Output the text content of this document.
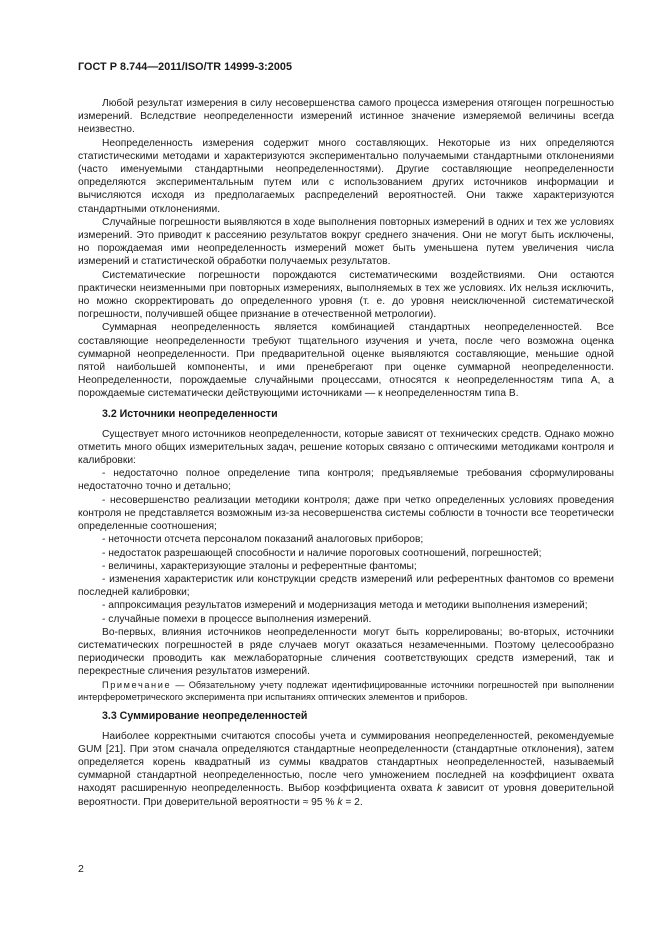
ГОСТ Р 8.744—2011/ISO/TR 14999-3:2005

Любой результат измерения в силу несовершенства самого процесса измерения отягощен погрешностью измерений. Вследствие неопределенности измерений истинное значение измеряемой величины всегда неизвестно.

Неопределенность измерения содержит много составляющих. Некоторые из них определяются статистическими методами и характеризуются экспериментально получаемыми стандартными отклонениями (часто именуемыми стандартными неопределенностями). Другие составляющие неопределенности определяются экспериментальным путем или с использованием других источников информации и вычисляются исходя из предполагаемых распределений вероятностей. Они также характеризуются стандартными отклонениями.

Случайные погрешности выявляются в ходе выполнения повторных измерений в одних и тех же условиях измерений. Это приводит к рассеянию результатов вокруг среднего значения. Они не могут быть исключены, но порождаемая ими неопределенность измерений может быть уменьшена путем увеличения числа измерений и статистической обработки получаемых результатов.

Систематические погрешности порождаются систематическими воздействиями. Они остаются практически неизменными при повторных измерениях, выполняемых в тех же условиях. Их нельзя исключить, но можно скорректировать до определенного уровня (т. е. до уровня неисключенной систематической погрешности, получившей общее признание в отечественной метрологии).

Суммарная неопределенность является комбинацией стандартных неопределенностей. Все составляющие неопределенности требуют тщательного изучения и учета, после чего возможна оценка суммарной неопределенности. При предварительной оценке выявляются составляющие, меньшие одной пятой наибольшей компоненты, и ими пренебрегают при оценке суммарной неопределенности. Неопределенности, порождаемые случайными процессами, относятся к неопределенностям типа А, а порождаемые систематически действующими источниками — к неопределенностям типа В.

3.2 Источники неопределенности

Существует много источников неопределенности, которые зависят от технических средств. Однако можно отметить много общих измерительных задач, решение которых связано с оптическими методиками контроля и калибровки:

- недостаточно полное определение типа контроля; предъявляемые требования сформулированы недостаточно точно и детально;

- несовершенство реализации методики контроля; даже при четко определенных условиях проведения контроля не представляется возможным из-за несовершенства системы соблюсти в точности все теоретически определенные соотношения;

- неточности отсчета персоналом показаний аналоговых приборов;

- недостаток разрешающей способности и наличие пороговых соотношений, погрешностей;

- величины, характеризующие эталоны и референтные фантомы;

- изменения характеристик или конструкции средств измерений или референтных фантомов со времени последней калибровки;

- аппроксимация результатов измерений и модернизация метода и методики выполнения измерений;

- случайные помехи в процессе выполнения измерений.

Во-первых, влияния источников неопределенности могут быть коррелированы; во-вторых, источники систематических погрешностей в ряде случаев могут оказаться незамеченными. Поэтому целесообразно периодически проводить как межлабораторные сличения соответствующих средств измерений, так и перекрестные сличения результатов измерений.

Примечание — Обязательному учету подлежат идентифицированные источники погрешностей при выполнении интерферометрического эксперимента при испытаниях оптических элементов и приборов.

3.3 Суммирование неопределенностей

Наиболее корректными считаются способы учета и суммирования неопределенностей, рекомендуемые GUM [21]. При этом сначала определяются стандартные неопределенности (стандартные отклонения), затем определяется корень квадратный из суммы квадратов стандартных неопределенностей, называемый суммарной стандартной неопределенностью, после чего умножением последней на коэффициент охвата находят расширенную неопределенность. Выбор коэффициента охвата k зависит от уровня доверительной вероятности. При доверительной вероятности ≈ 95 % k = 2.

2
